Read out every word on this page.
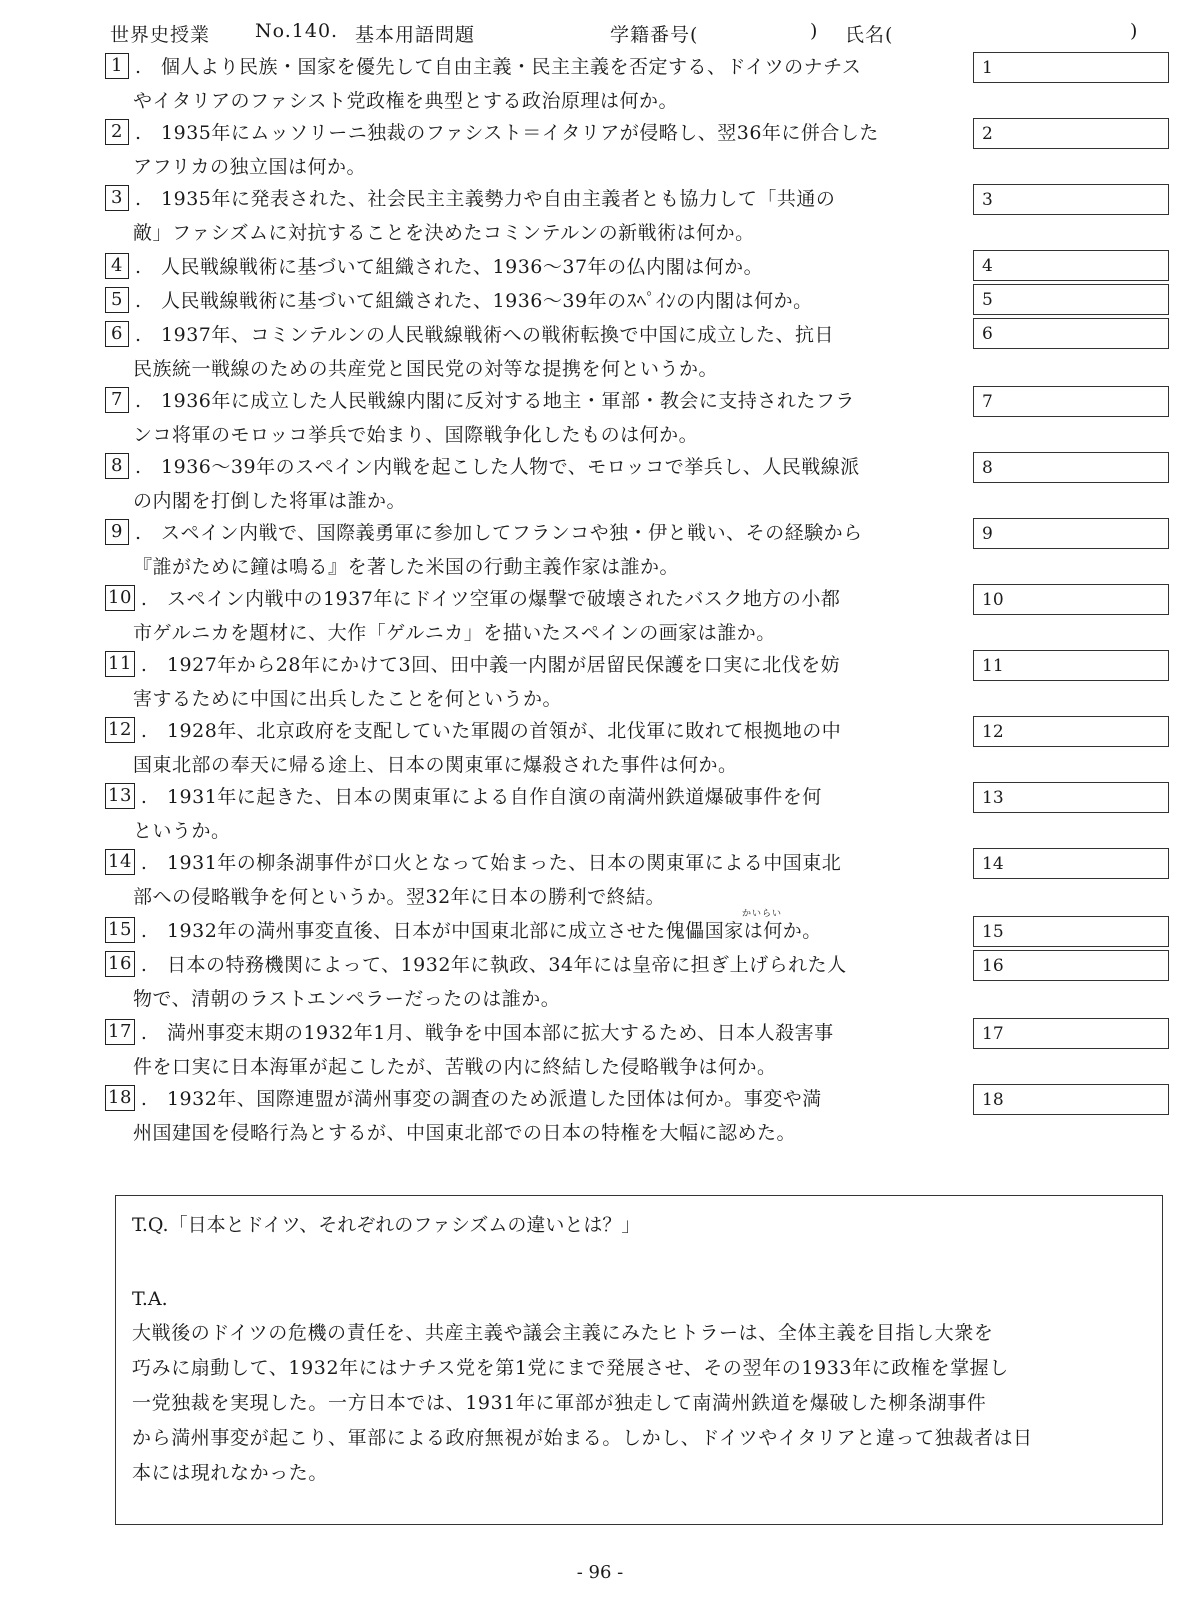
世界史授業 No.140. 基本用語問題	学籍番号(	) 氏名(	)
1 .　個人より民族・国家を優先して自由主義・民主主義を否定する、ドイツのナチス
やイタリアのファシスト党政権を典型とする政治原理は何か。
1
2 .　1935年にムッソリーニ独裁のファシスト＝イタリアが侵略し、翌36年に併合した
アフリカの独立国は何か。
2
3 .　1935年に発表された、社会民主主義勢力や自由主義者とも協力して「共通の
敵」ファシズムに対抗することを決めたコミンテルンの新戦術は何か。
3
4 .　人民戦線戦術に基づいて組織された、1936～37年の仏内閣は何か。	4
5 .　人民戦線戦術に基づいて組織された、1936～39年のｽﾍﾟｲﾝの内閣は何か。	5
6 .　1937年、コミンテルンの人民戦線戦術への戦術転換で中国に成立した、抗日
民族統一戦線のための共産党と国民党の対等な提携を何というか。
6
7 .　1936年に成立した人民戦線内閣に反対する地主・軍部・教会に支持されたフラ
ンコ将軍のモロッコ挙兵で始まり、国際戦争化したものは何か。
7
8 .　1936～39年のスペイン内戦を起こした人物で、モロッコで挙兵し、人民戦線派
の内閣を打倒した将軍は誰か。
8
9 .　スペイン内戦で、国際義勇軍に参加してフランコや独・伊と戦い、その経験から
『誰がために鐘は鳴る』を著した米国の行動主義作家は誰か。
9
10 .　スペイン内戦中の1937年にドイツ空軍の爆撃で破壊されたバスク地方の小都
市ゲルニカを題材に、大作「ゲルニカ」を描いたスペインの画家は誰か。
10
11 .　1927年から28年にかけて3回、田中義一内閣が居留民保護を口実に北伐を妨
害するために中国に出兵したことを何というか。
11
12 .　1928年、北京政府を支配していた軍閥の首領が、北伐軍に敗れて根拠地の中
国東北部の奉天に帰る途上、日本の関東軍に爆殺された事件は何か。
12
13 .　1931年に起きた、日本の関東軍による自作自演の南満州鉄道爆破事件を何
というか。
13
14 .　1931年の柳条湖事件が口火となって始まった、日本の関東軍による中国東北
部への侵略戦争を何というか。翌32年に日本の勝利で終結。
14
かいらい
15 .　1932年の満州事変直後、日本が中国東北部に成立させた傀儡国家は何か。	15
16 .　日本の特務機関によって、1932年に執政、34年には皇帝に担ぎ上げられた人
物で、清朝のラストエンペラーだったのは誰か。
16
17 .　満州事変末期の1932年1月、戦争を中国本部に拡大するため、日本人殺害事
件を口実に日本海軍が起こしたが、苦戦の内に終結した侵略戦争は何か。
17
18 .　1932年、国際連盟が満州事変の調査のため派遣した団体は何か。事変や満
州国建国を侵略行為とするが、中国東北部での日本の特権を大幅に認めた。
18
T.Q.「日本とドイツ、それぞれのファシズムの違いとは？」
T.A.
大戦後のドイツの危機の責任を、共産主義や議会主義にみたヒトラーは、全体主義を目指し大衆を
巧みに扇動して、1932年にはナチス党を第1党にまで発展させ、その翌年の1933年に政権を掌握し
一党独裁を実現した。一方日本では、1931年に軍部が独走して南満州鉄道を爆破した柳条湖事件
から満州事変が起こり、軍部による政府無視が始まる。しかし、ドイツやイタリアと違って独裁者は日
本には現れなかった。
- 96 -
